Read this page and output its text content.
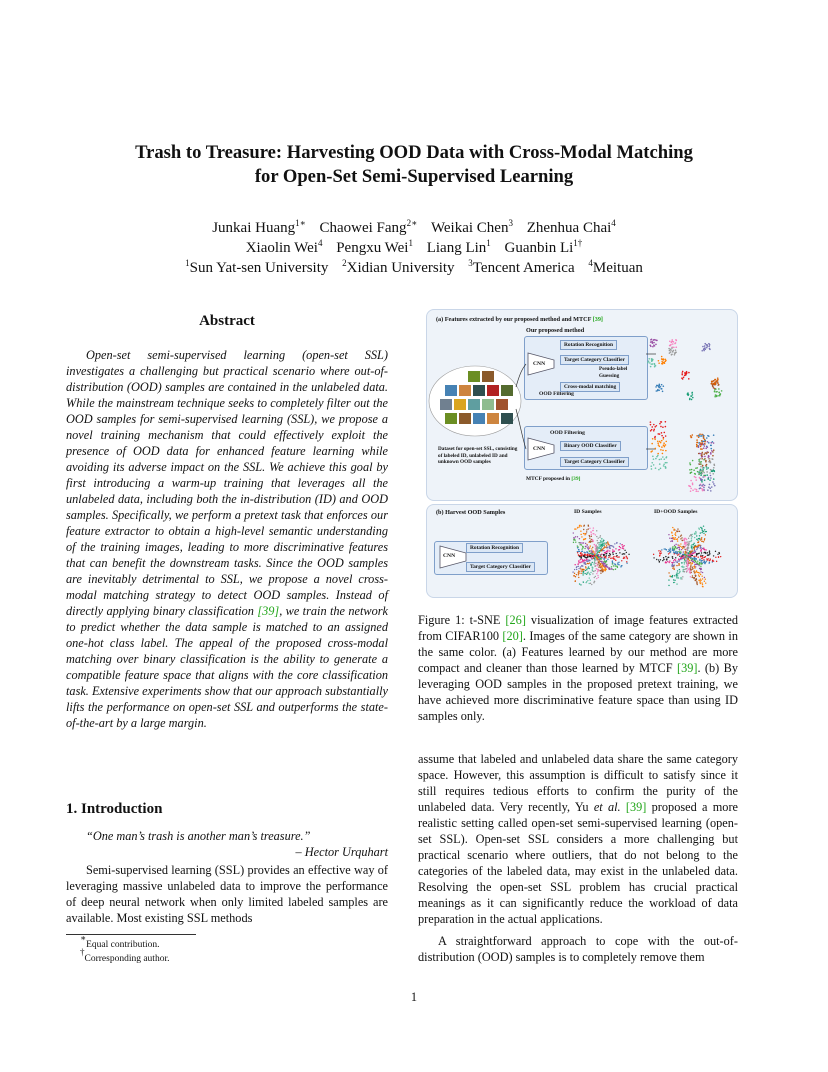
Trash to Treasure: Harvesting OOD Data with Cross-Modal Matching
for Open-Set Semi-Supervised Learning
Junkai Huang$^{1∗}$ Chaowei Fang$^{2∗}$ Weikai Chen$^3$ Zhenhua Chai$^4$
Xiaolin Wei$^4$ Pengxu Wei$^1$ Liang Lin$^1$ Guanbin $Li^{1\dagger}$
$^1$Sun Yat-sen University $^2$Xidian University $^3$Tencent America $^4$Meituan
Abstract

Open-set semi-supervised learning (open-set SSL) investigates a challenging but practical scenario where out-of-distribution (OOD) samples are contained in the unlabeled data. While the mainstream technique seeks to completely filter out the OOD samples for semi-supervised learning (SSL), we propose a novel training mechanism that could effectively exploit the presence of OOD data for enhanced feature learning while avoiding its adverse impact on the SSL. We achieve this goal by first introducing a warm-up training that leverages all the unlabeled data, including both the in-distribution (ID) and OOD samples. Specifically, we perform a pretext task that enforces our feature extractor to obtain a high-level semantic understanding of the training images, leading to more discriminative features that can benefit the downstream tasks. Since the OOD samples are inevitably detrimental to SSL, we propose a novel cross-modal matching strategy to detect OOD samples. Instead of directly applying binary classification [39], we train the network to predict whether the data sample is matched to an assigned one-hot class label. The appeal of the proposed cross-modal matching over binary classification is the ability to generate a compatible feature space that aligns with the core classification task. Extensive experiments show that our approach substantially lifts the performance on open-set SSL and outperforms the state-of-the-art by a large margin.

1. Introduction
“One man’s trash is another man’s treasure.”
– Hector Urquhart

Semi-supervised learning (SSL) provides an effective way of leveraging massive unlabeled data to improve the performance of deep neural network when only limited labeled samples are available. Most existing SSL methods

∗Equal contribution.
†Corresponding author.
1
(a) Features extracted by our proposed method and MTCF [39]
Our proposed method
CNN
Rotation Recognition
Target Category Classifier
Pseudo-label Guessing
Cross-modal matching
OOD Filtering
OOD Filtering
CNN	Binary OOD Classifier
Target Category Classifier
MTCF proposed in [39]
Dataset for open-set SSL, consisting of labeled ID, unlabeled ID and unknown OOD samples
(b) Harvest OOD Samples	ID Samples	ID+OOD Samples
CNN
Rotation Recognition
Target Category Classifier

Figure 1: t-SNE [26] visualization of image features extracted from CIFAR100 [20]. Images of the same category are shown in the same color. (a) Features learned by our method are more compact and cleaner than those learned by MTCF [39]. (b) By leveraging OOD samples in the proposed pretext training, we have achieved more discriminative feature space than using ID samples only.

assume that labeled and unlabeled data share the same category space. However, this assumption is difficult to satisfy since it still requires tedious efforts to confirm the purity of the unlabeled data. Very recently, Yu et al. [39] proposed a more realistic setting called open-set semi-supervised learning (open-set SSL). Open-set SSL considers a more challenging but practical scenario where outliers, that do not belong to the categories of the labeled data, may exist in the unlabeled data. Resolving the open-set SSL problem has crucial practical meanings as it can significantly reduce the workload of data preparation in the actual applications.

A straightforward approach to cope with the out-of-distribution (OOD) samples is to completely remove them
